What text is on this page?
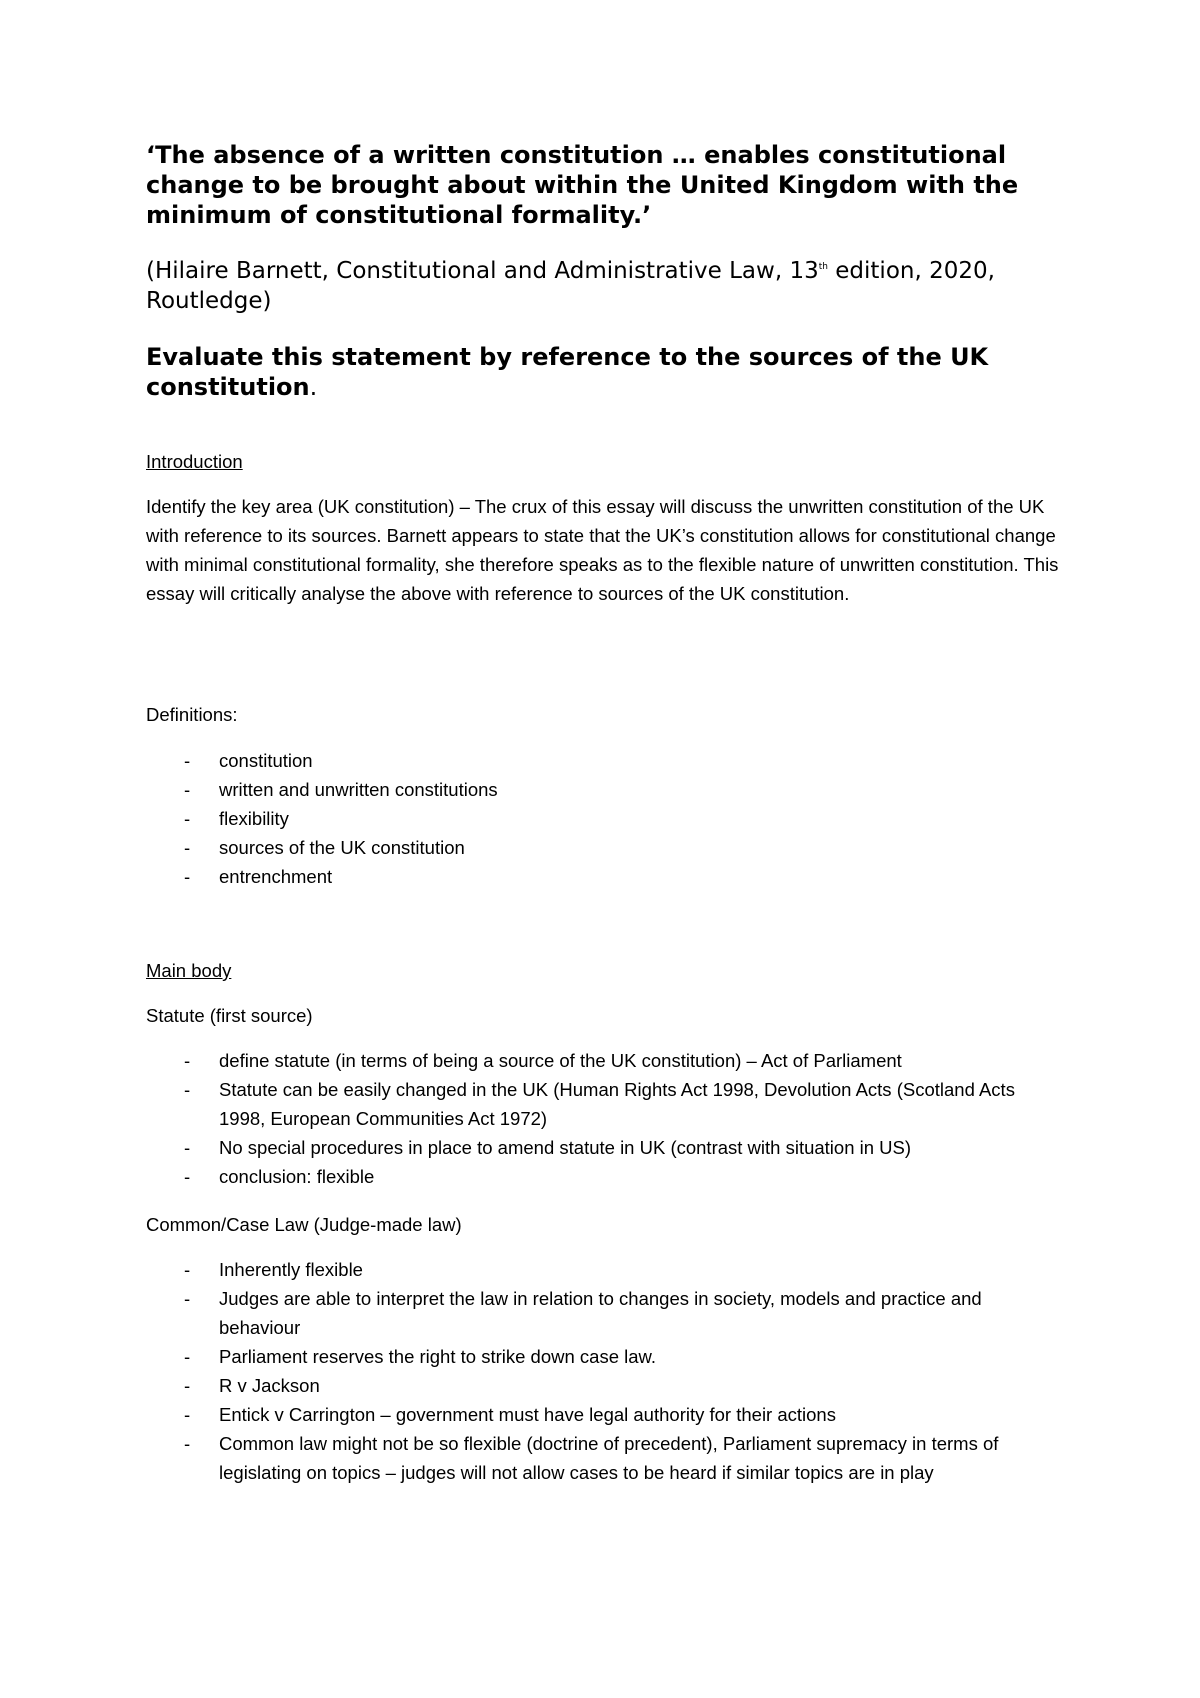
‘The absence of a written constitution … enables constitutional change to be brought about within the United Kingdom with the minimum of constitutional formality.’

(Hilaire Barnett, Constitutional and Administrative Law, 13th edition, 2020, Routledge)

Evaluate this statement by reference to the sources of the UK constitution.

Introduction

Identify the key area (UK constitution) – The crux of this essay will discuss the unwritten constitution of the UK with reference to its sources. Barnett appears to state that the UK’s constitution allows for constitutional change with minimal constitutional formality, she therefore speaks as to the flexible nature of unwritten constitution. This essay will critically analyse the above with reference to sources of the UK constitution.

Definitions:

- constitution
- written and unwritten constitutions
- flexibility
- sources of the UK constitution
- entrenchment

Main body

Statute (first source)

- define statute (in terms of being a source of the UK constitution) – Act of Parliament
- Statute can be easily changed in the UK (Human Rights Act 1998, Devolution Acts (Scotland Acts 1998, European Communities Act 1972)
- No special procedures in place to amend statute in UK (contrast with situation in US)
- conclusion: flexible

Common/Case Law (Judge-made law)

- Inherently flexible
- Judges are able to interpret the law in relation to changes in society, models and practice and behaviour
- Parliament reserves the right to strike down case law.
- R v Jackson
- Entick v Carrington – government must have legal authority for their actions
- Common law might not be so flexible (doctrine of precedent), Parliament supremacy in terms of legislating on topics – judges will not allow cases to be heard if similar topics are in play
